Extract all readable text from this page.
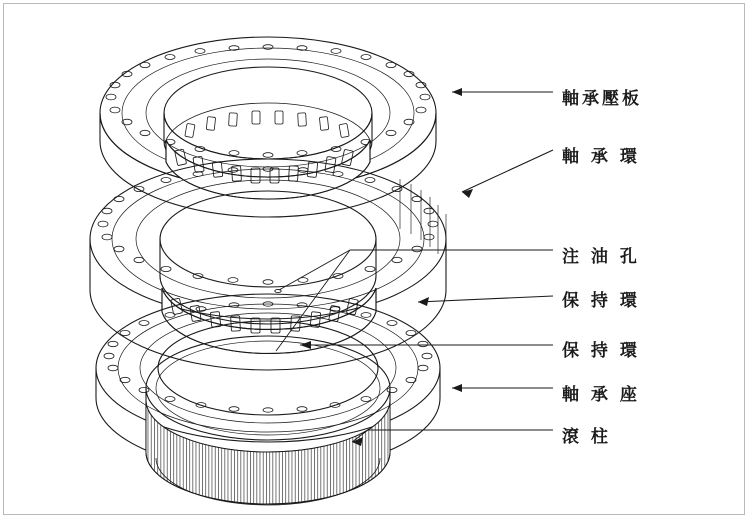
軸承壓板
軸 承 環
注 油 孔
保 持 環
保 持 環
軸 承 座
滾 柱
